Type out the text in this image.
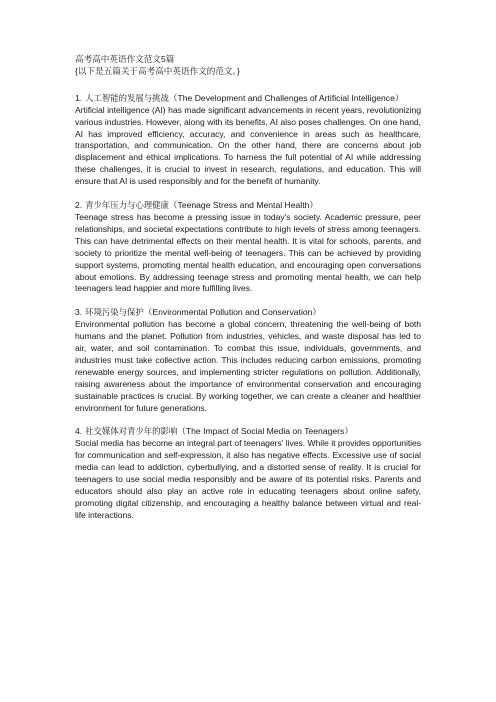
高考高中英语作文范文5篇

{以下是五篇关于高考高中英语作文的范文。}

1. 人工智能的发展与挑战（The Development and Challenges of Artificial Intelligence）

Artificial intelligence (AI) has made significant advancements in recent years, revolutionizing various industries. However, along with its benefits, AI also poses challenges. On one hand, AI has improved efficiency, accuracy, and convenience in areas such as healthcare, transportation, and communication. On the other hand, there are concerns about job displacement and ethical implications. To harness the full potential of AI while addressing these challenges, it is crucial to invest in research, regulations, and education. This will ensure that AI is used responsibly and for the benefit of humanity.

2. 青少年压力与心理健康（Teenage Stress and Mental Health）

Teenage stress has become a pressing issue in today's society. Academic pressure, peer relationships, and societal expectations contribute to high levels of stress among teenagers. This can have detrimental effects on their mental health. It is vital for schools, parents, and society to prioritize the mental well-being of teenagers. This can be achieved by providing support systems, promoting mental health education, and encouraging open conversations about emotions. By addressing teenage stress and promoting mental health, we can help teenagers lead happier and more fulfilling lives.

3. 环境污染与保护（Environmental Pollution and Conservation）

Environmental pollution has become a global concern, threatening the well-being of both humans and the planet. Pollution from industries, vehicles, and waste disposal has led to air, water, and soil contamination. To combat this issue, individuals, governments, and industries must take collective action. This includes reducing carbon emissions, promoting renewable energy sources, and implementing stricter regulations on pollution. Additionally, raising awareness about the importance of environmental conservation and encouraging sustainable practices is crucial. By working together, we can create a cleaner and healthier environment for future generations.

4. 社交媒体对青少年的影响（The Impact of Social Media on Teenagers）

Social media has become an integral part of teenagers' lives. While it provides opportunities for communication and self-expression, it also has negative effects. Excessive use of social media can lead to addiction, cyberbullying, and a distorted sense of reality. It is crucial for teenagers to use social media responsibly and be aware of its potential risks. Parents and educators should also play an active role in educating teenagers about online safety, promoting digital citizenship, and encouraging a healthy balance between virtual and real-life interactions.
